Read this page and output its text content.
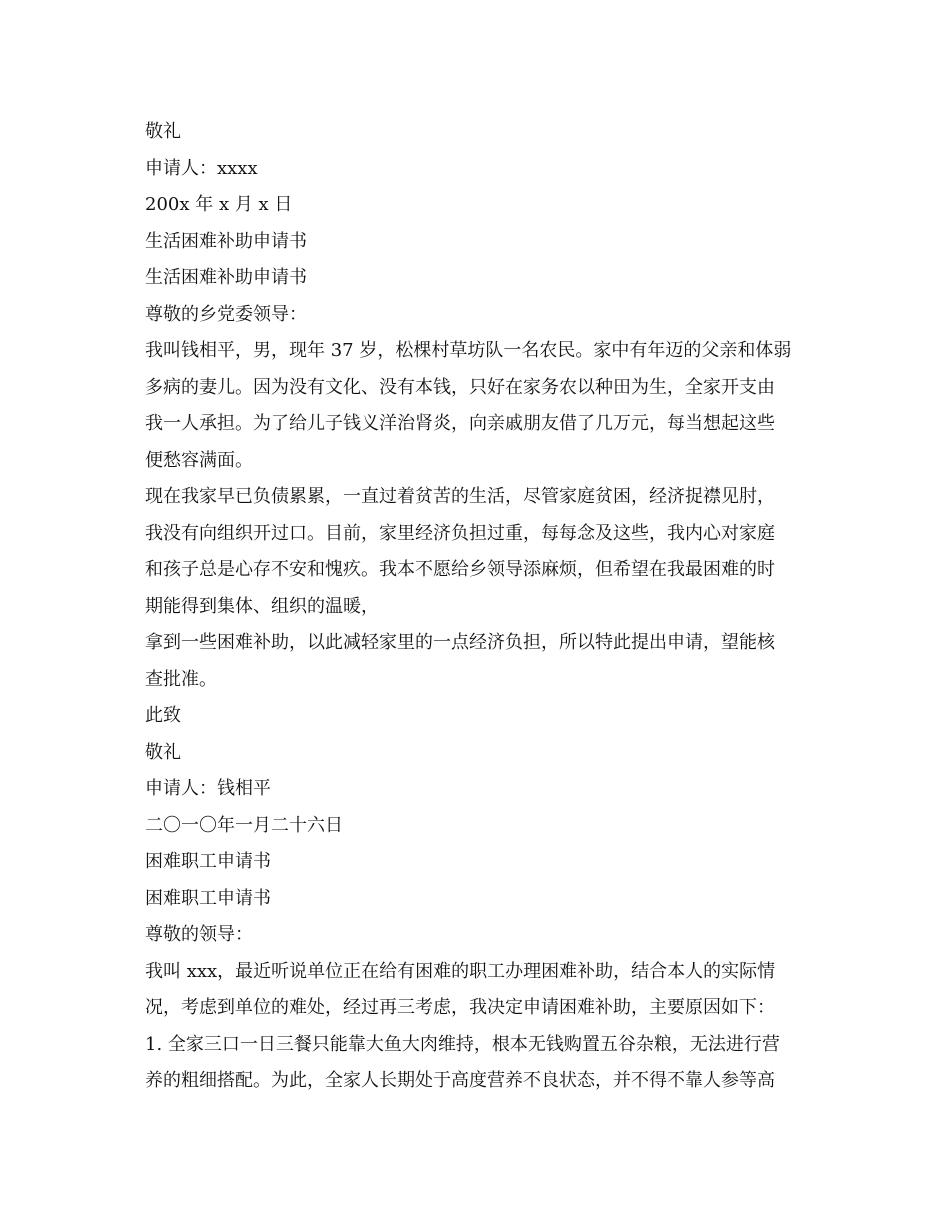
敬礼
申请人：xxxx
200x 年 x 月 x 日
生活困难补助申请书
生活困难补助申请书
尊敬的乡党委领导：
我叫钱相平，男，现年 37 岁，松棵村草坊队一名农民。家中有年迈的父亲和体弱
多病的妻儿。因为没有文化、没有本钱，只好在家务农以种田为生，全家开支由
我一人承担。为了给儿子钱义洋治肾炎，向亲戚朋友借了几万元，每当想起这些
便愁容满面。
现在我家早已负债累累，一直过着贫苦的生活，尽管家庭贫困，经济捉襟见肘，
我没有向组织开过口。目前，家里经济负担过重，每每念及这些，我内心对家庭
和孩子总是心存不安和愧疚。我本不愿给乡领导添麻烦，但希望在我最困难的时
期能得到集体、组织的温暖，
拿到一些困难补助，以此减轻家里的一点经济负担，所以特此提出申请，望能核
查批准。
此致
敬礼
申请人：钱相平
二〇一〇年一月二十六日
困难职工申请书
困难职工申请书
尊敬的领导：
我叫 xxx，最近听说单位正在给有困难的职工办理困难补助，结合本人的实际情
况，考虑到单位的难处，经过再三考虑，我决定申请困难补助，主要原因如下：
1. 全家三口一日三餐只能靠大鱼大肉维持，根本无钱购置五谷杂粮，无法进行营
养的粗细搭配。为此，全家人长期处于高度营养不良状态，并不得不靠人参等高
